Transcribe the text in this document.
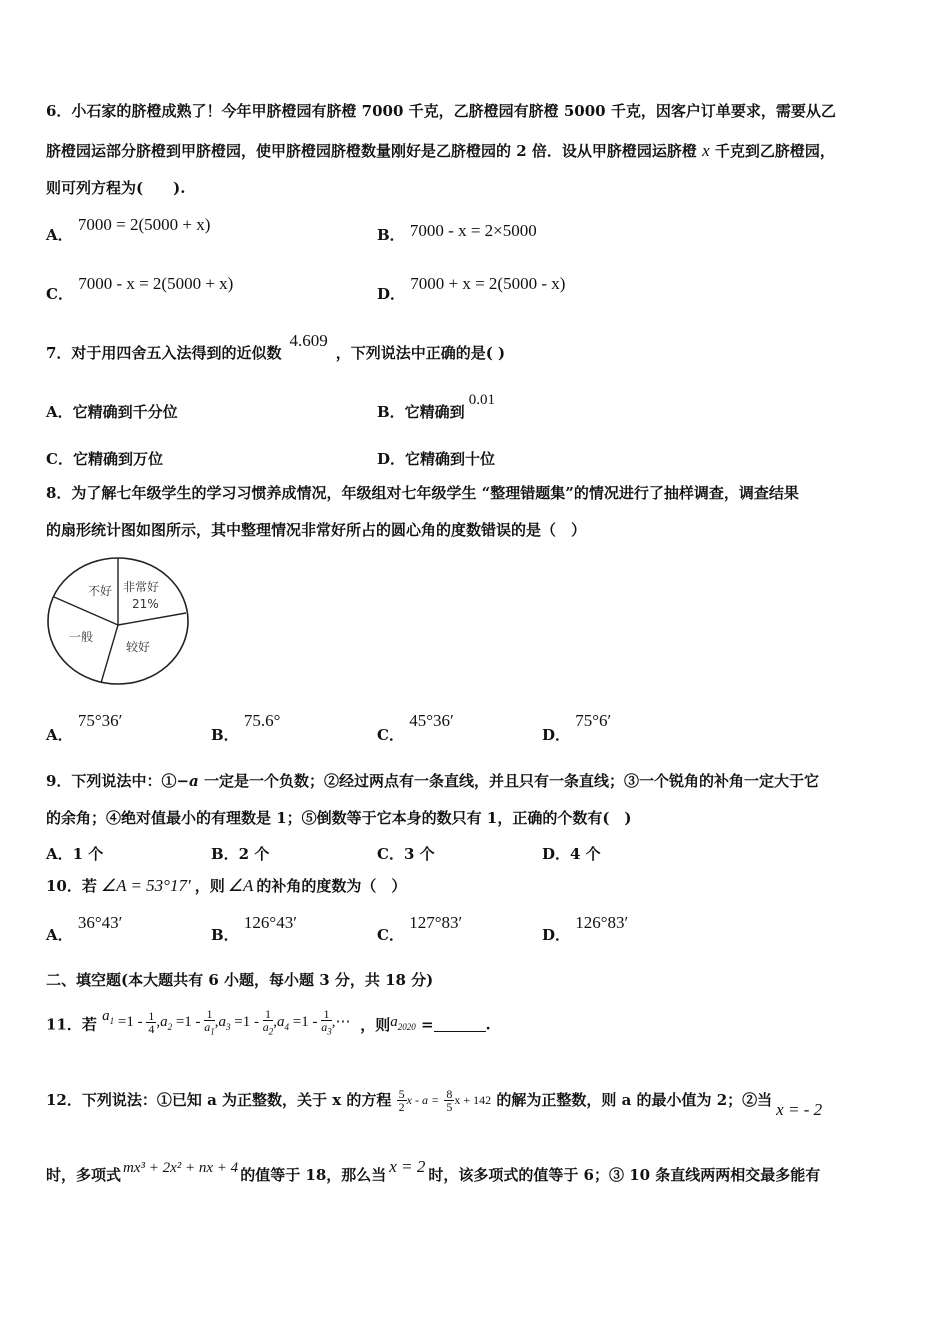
6．小石家的脐橙成熟了！今年甲脐橙园有脐橙 7000 千克，乙脐橙园有脐橙 5000 千克，因客户订单要求，需要从乙
脐橙园运部分脐橙到甲脐橙园，使甲脐橙园脐橙数量刚好是乙脐橙园的 2 倍．设从甲脐橙园运脐橙 x 千克到乙脐橙园，
则可列方程为(　　).
A． 7000 = 2(5000 + x)
B． 7000 - x = 2×5000
C． 7000 - x = 2(5000 + x)
D． 7000 + x = 2(5000 - x)
7．对于用四舍五入法得到的近似数4.609，下列说法中正确的是( )
A．它精确到千分位	B．它精确到0.01
C．它精确到万位	D．它精确到十位
8．为了解七年级学生的学习习惯养成情况，年级组对七年级学生 “整理错题集”的情况进行了抽样调查，调查结果
的扇形统计图如图所示，其中整理情况非常好所占的圆心角的度数错误的是（　）
不好 非常好
21%
一般
较好
A． 75°36′
B． 75.6°
C． 45°36′
D． 75°6′
9．下列说法中：①−a 一定是一个负数；②经过两点有一条直线，并且只有一条直线；③一个锐角的补角一定大于它
的余角；④绝对值最小的有理数是 1；⑤倒数等于它本身的数只有 1，正确的个数有(　)
A．1 个	B．2 个	C．3 个	D．4 个
10．若 ∠A = 53°17′ ，则 ∠A 的补角的度数为（　）
A． 36°43′
B． 126°43′
C． 127°83′
D． 126°83′
二、填空题(本大题共有 6 小题，每小题 3 分，共 18 分)
11．若 $a_1 =1 - \frac{1}{4} ,a_2 =1 - \frac{1}{a_1} ,a_3 =1 - \frac{1}{a_2} ,a_4 =1 - \frac{1}{a_3}$ ,⋯ ，则$a_{2020}$ =	.
12．下列说法：①已知 a 为正整数，关于 x 的方程 $\frac{5}{2}$ $x - a = \frac{8}{5}$ x + 142 的解为正整数，则 a 的最小值为 2；②当 x = - 2
时，多项式 mx³ + 2x² + nx + 4 的值等于 18，那么当 x = 2 时，该多项式的值等于 6；③ 10 条直线两两相交最多能有
